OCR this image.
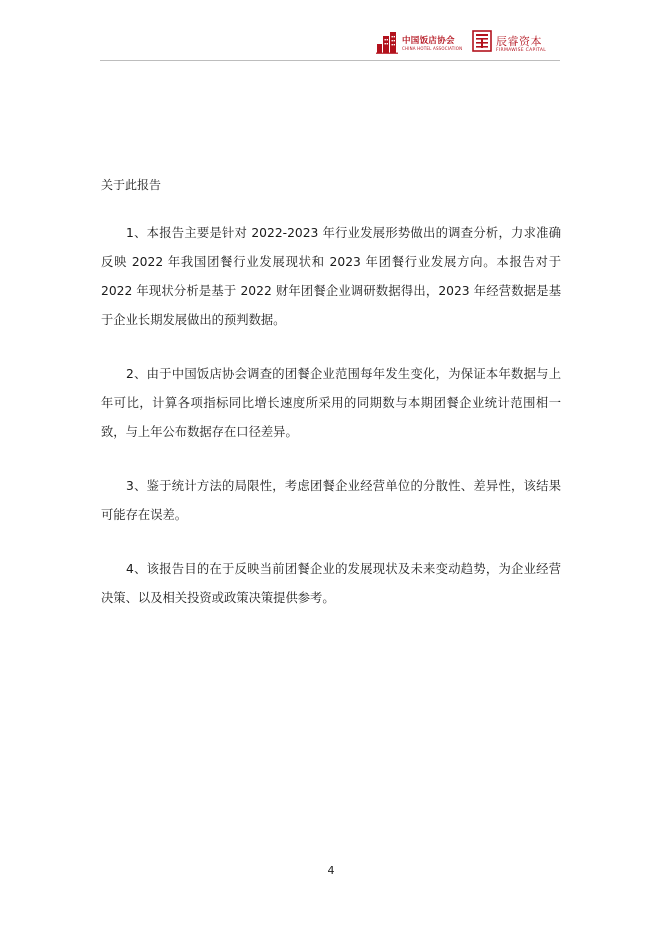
中国饭店协会
CHINA HOTEL ASSOCIATION
辰睿资本
FIRMAWISE CAPITAL

关于此报告

1、本报告主要是针对 2022-2023 年行业发展形势做出的调查分析，力求准确反映 2022 年我国团餐行业发展现状和 2023 年团餐行业发展方向。本报告对于 2022 年现状分析是基于 2022 财年团餐企业调研数据得出，2023 年经营数据是基于企业长期发展做出的预判数据。

2、由于中国饭店协会调查的团餐企业范围每年发生变化，为保证本年数据与上年可比，计算各项指标同比增长速度所采用的同期数与本期团餐企业统计范围相一致，与上年公布数据存在口径差异。

3、鉴于统计方法的局限性，考虑团餐企业经营单位的分散性、差异性，该结果可能存在误差。

4、该报告目的在于反映当前团餐企业的发展现状及未来变动趋势，为企业经营决策、以及相关投资或政策决策提供参考。

4
